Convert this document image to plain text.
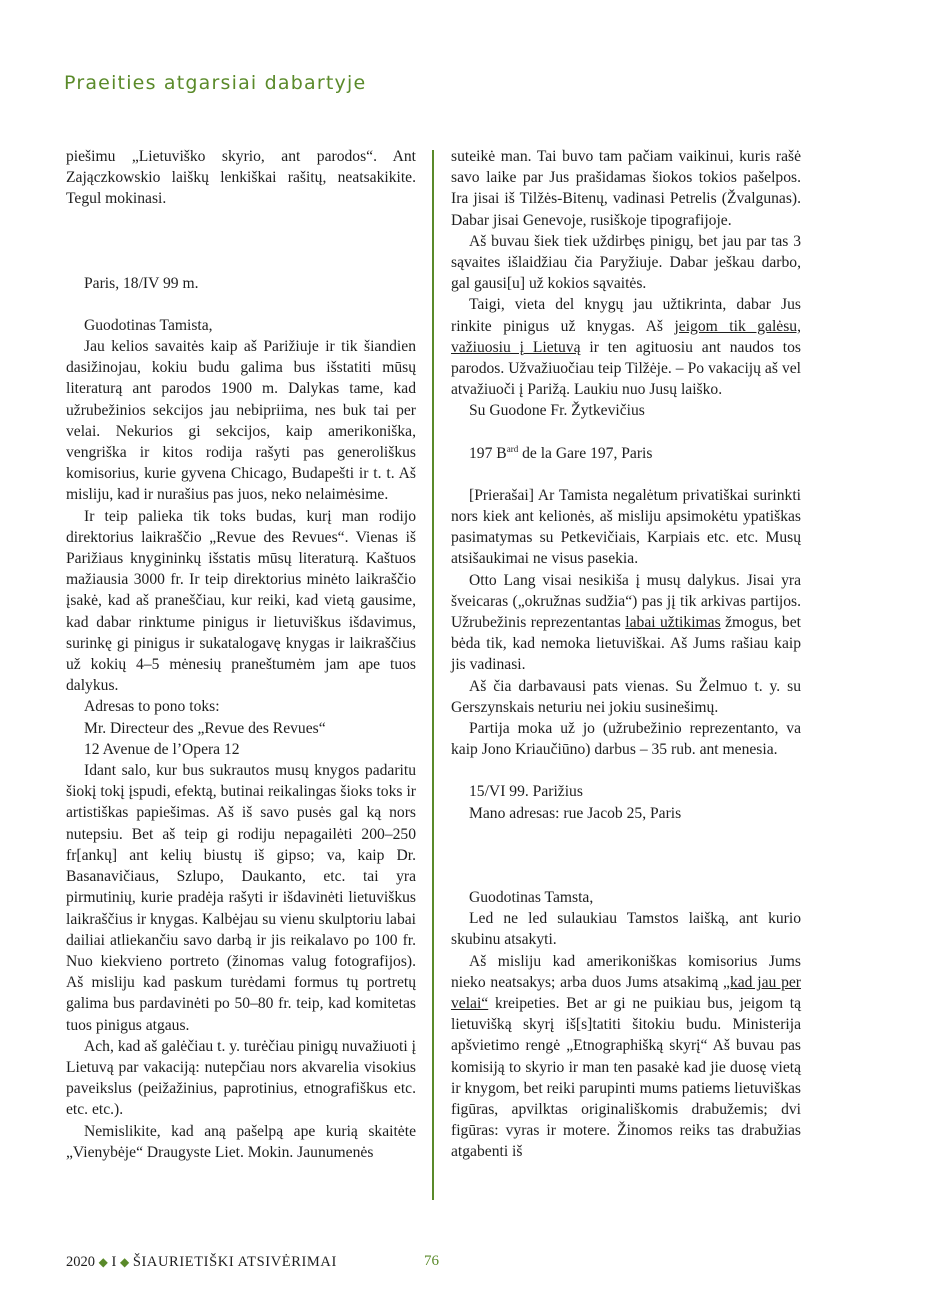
Praeities atgarsiai dabartyje

piešimu „Lietuviško skyrio, ant parodos“. Ant Zajączkowskio laiškų lenkiškai rašitų, neatsakikite. Tegul mokinasi.

Paris, 18/IV 99 m.

Guodotinas Tamista,

Jau kelios savaitės kaip aš Parižiuje ir tik šiandien dasižinojau, kokiu budu galima bus išstatiti mūsų literaturą ant parodos 1900 m. Dalykas tame, kad užrubežinios sekcijos jau nebipriima, nes buk tai per velai. Nekurios gi sekcijos, kaip amerikoniška, vengriška ir kitos rodija rašyti pas generoliškus komisorius, kurie gyvena Chicago, Budapešti ir t. t. Aš misliju, kad ir nurašius pas juos, neko nelaimėsime.

Ir teip palieka tik toks budas, kurį man rodijo direktorius laikraščio „Revue des Revues“. Vienas iš Parižiaus knygininkų išstatis mūsų literaturą. Kaštuos mažiausia 3000 fr. Ir teip direktorius minėto laikraščio įsakė, kad aš praneščiau, kur reiki, kad vietą gausime, kad dabar rinktume pinigus ir lietuviškus išdavimus, surinkę gi pinigus ir sukatalogavę knygas ir laikraščius už kokių 4–5 mėnesių praneštumėm jam ape tuos dalykus.

Adresas to pono toks:

Mr. Directeur des „Revue des Revues“

12 Avenue de l’Opera 12

Idant salo, kur bus sukrautos musų knygos padaritu šiokį tokį įspudi, efektą, butinai reikalingas šioks toks ir artistiškas papiešimas. Aš iš savo pusės gal ką nors nutepsiu. Bet aš teip gi rodiju nepagailėti 200–250 fr[ankų] ant kelių biustų iš gipso; va, kaip Dr. Basanavičiaus, Szlupo, Daukanto, etc. tai yra pirmutinių, kurie pradėja rašyti ir išdavinėti lietuviškus laikraščius ir knygas. Kalbėjau su vienu skulptoriu labai dailiai atliekančiu savo darbą ir jis reikalavo po 100 fr. Nuo kiekvieno portreto (žinomas valug fotografijos). Aš misliju kad paskum turėdami formus tų portretų galima bus pardavinėti po 50–80 fr. teip, kad komitetas tuos pinigus atgaus.

Ach, kad aš galėčiau t. y. turėčiau pinigų nuvažiuoti į Lietuvą par vakaciją: nutepčiau nors akvarelia visokius paveikslus (peižažinius, paprotinius, etnografiškus etc. etc. etc.).

Nemislikite, kad aną pašelpą ape kurią skaitėte „Vienybėje“ Draugyste Liet. Mokin. Jaunumenės

suteikė man. Tai buvo tam pačiam vaikinui, kuris rašė savo laike par Jus prašidamas šiokos tokios pašelpos. Ira jisai iš Tilžės-Bitenų, vadinasi Petrelis (Žvalgunas). Dabar jisai Genevoje, rusiškoje tipografijoje.

Aš buvau šiek tiek uždirbęs pinigų, bet jau par tas 3 sąvaites išlaidžiau čia Paryžiuje. Dabar ješkau darbo, gal gausi[u] už kokios sąvaitės.

Taigi, vieta del knygų jau užtikrinta, dabar Jus rinkite pinigus už knygas. Aš jeigom tik galėsu, važiuosiu į Lietuvą ir ten agituosiu ant naudos tos parodos. Užvažiuočiau teip Tilžėje. – Po vakacijų aš vel atvažiuoči į Parižą. Laukiu nuo Jusų laiško.

Su Guodone Fr. Žytkevičius

197 $B^{ard}$ de la Gare 197, Paris

[Prierašai] Ar Tamista negalėtum privatiškai surinkti nors kiek ant kelionės, aš misliju apsimokėtu ypatiškas pasimatymas su Petkevičiais, Karpiais etc. etc. Musų atsišaukimai ne visus pasekia.

Otto Lang visai nesikišа į musų dalykus. Jisai yra šveicaras („okružnas sudžia“) pas jį tik arkivas partijos. Užrubežinis reprezentantas labai užtikimas žmogus, bet bėda tik, kad nemoka lietuviškai. Aš Jums rašiau kaip jis vadinasi.

Aš čia darbavausi pats vienas. Su Želmuo t. y. su Gerszynskais neturiu nei jokiu susinešimų.

Partija moka už jo (užrubežinio reprezentanto, va kaip Jono Kriaučiūno) darbus – 35 rub. ant menesia.

15/VI 99. Parižius

Mano adresas: rue Jacob 25, Paris

Guodotinas Tamsta,

Led ne led sulaukiau Tamstos laišką, ant kurio skubinu atsakyti.

Aš misliju kad amerikoniškas komisorius Jums nieko neatsakys; arba duos Jums atsakimą „kad jau per velai“ kreipeties. Bet ar gi ne puikiau bus, jeigom tą lietuvišką skyrį iš[s]tatiti šitokiu budu. Ministerija apšvietimo rengė „Etnographišką skyrį“ Aš buvau pas komisiją to skyrio ir man ten pasakė kad jie duosę vietą ir knygom, bet reiki parupinti mums patiems lietuviškas figūras, apvilktas originališkomis drabužemis; dvi figūras: vyras ir motere. Žinomos reiks tas drabužias atgabenti iš

2020 ◆ I ◆ ŠIAURIETIŠKI ATSIVĖRIMAI	76
